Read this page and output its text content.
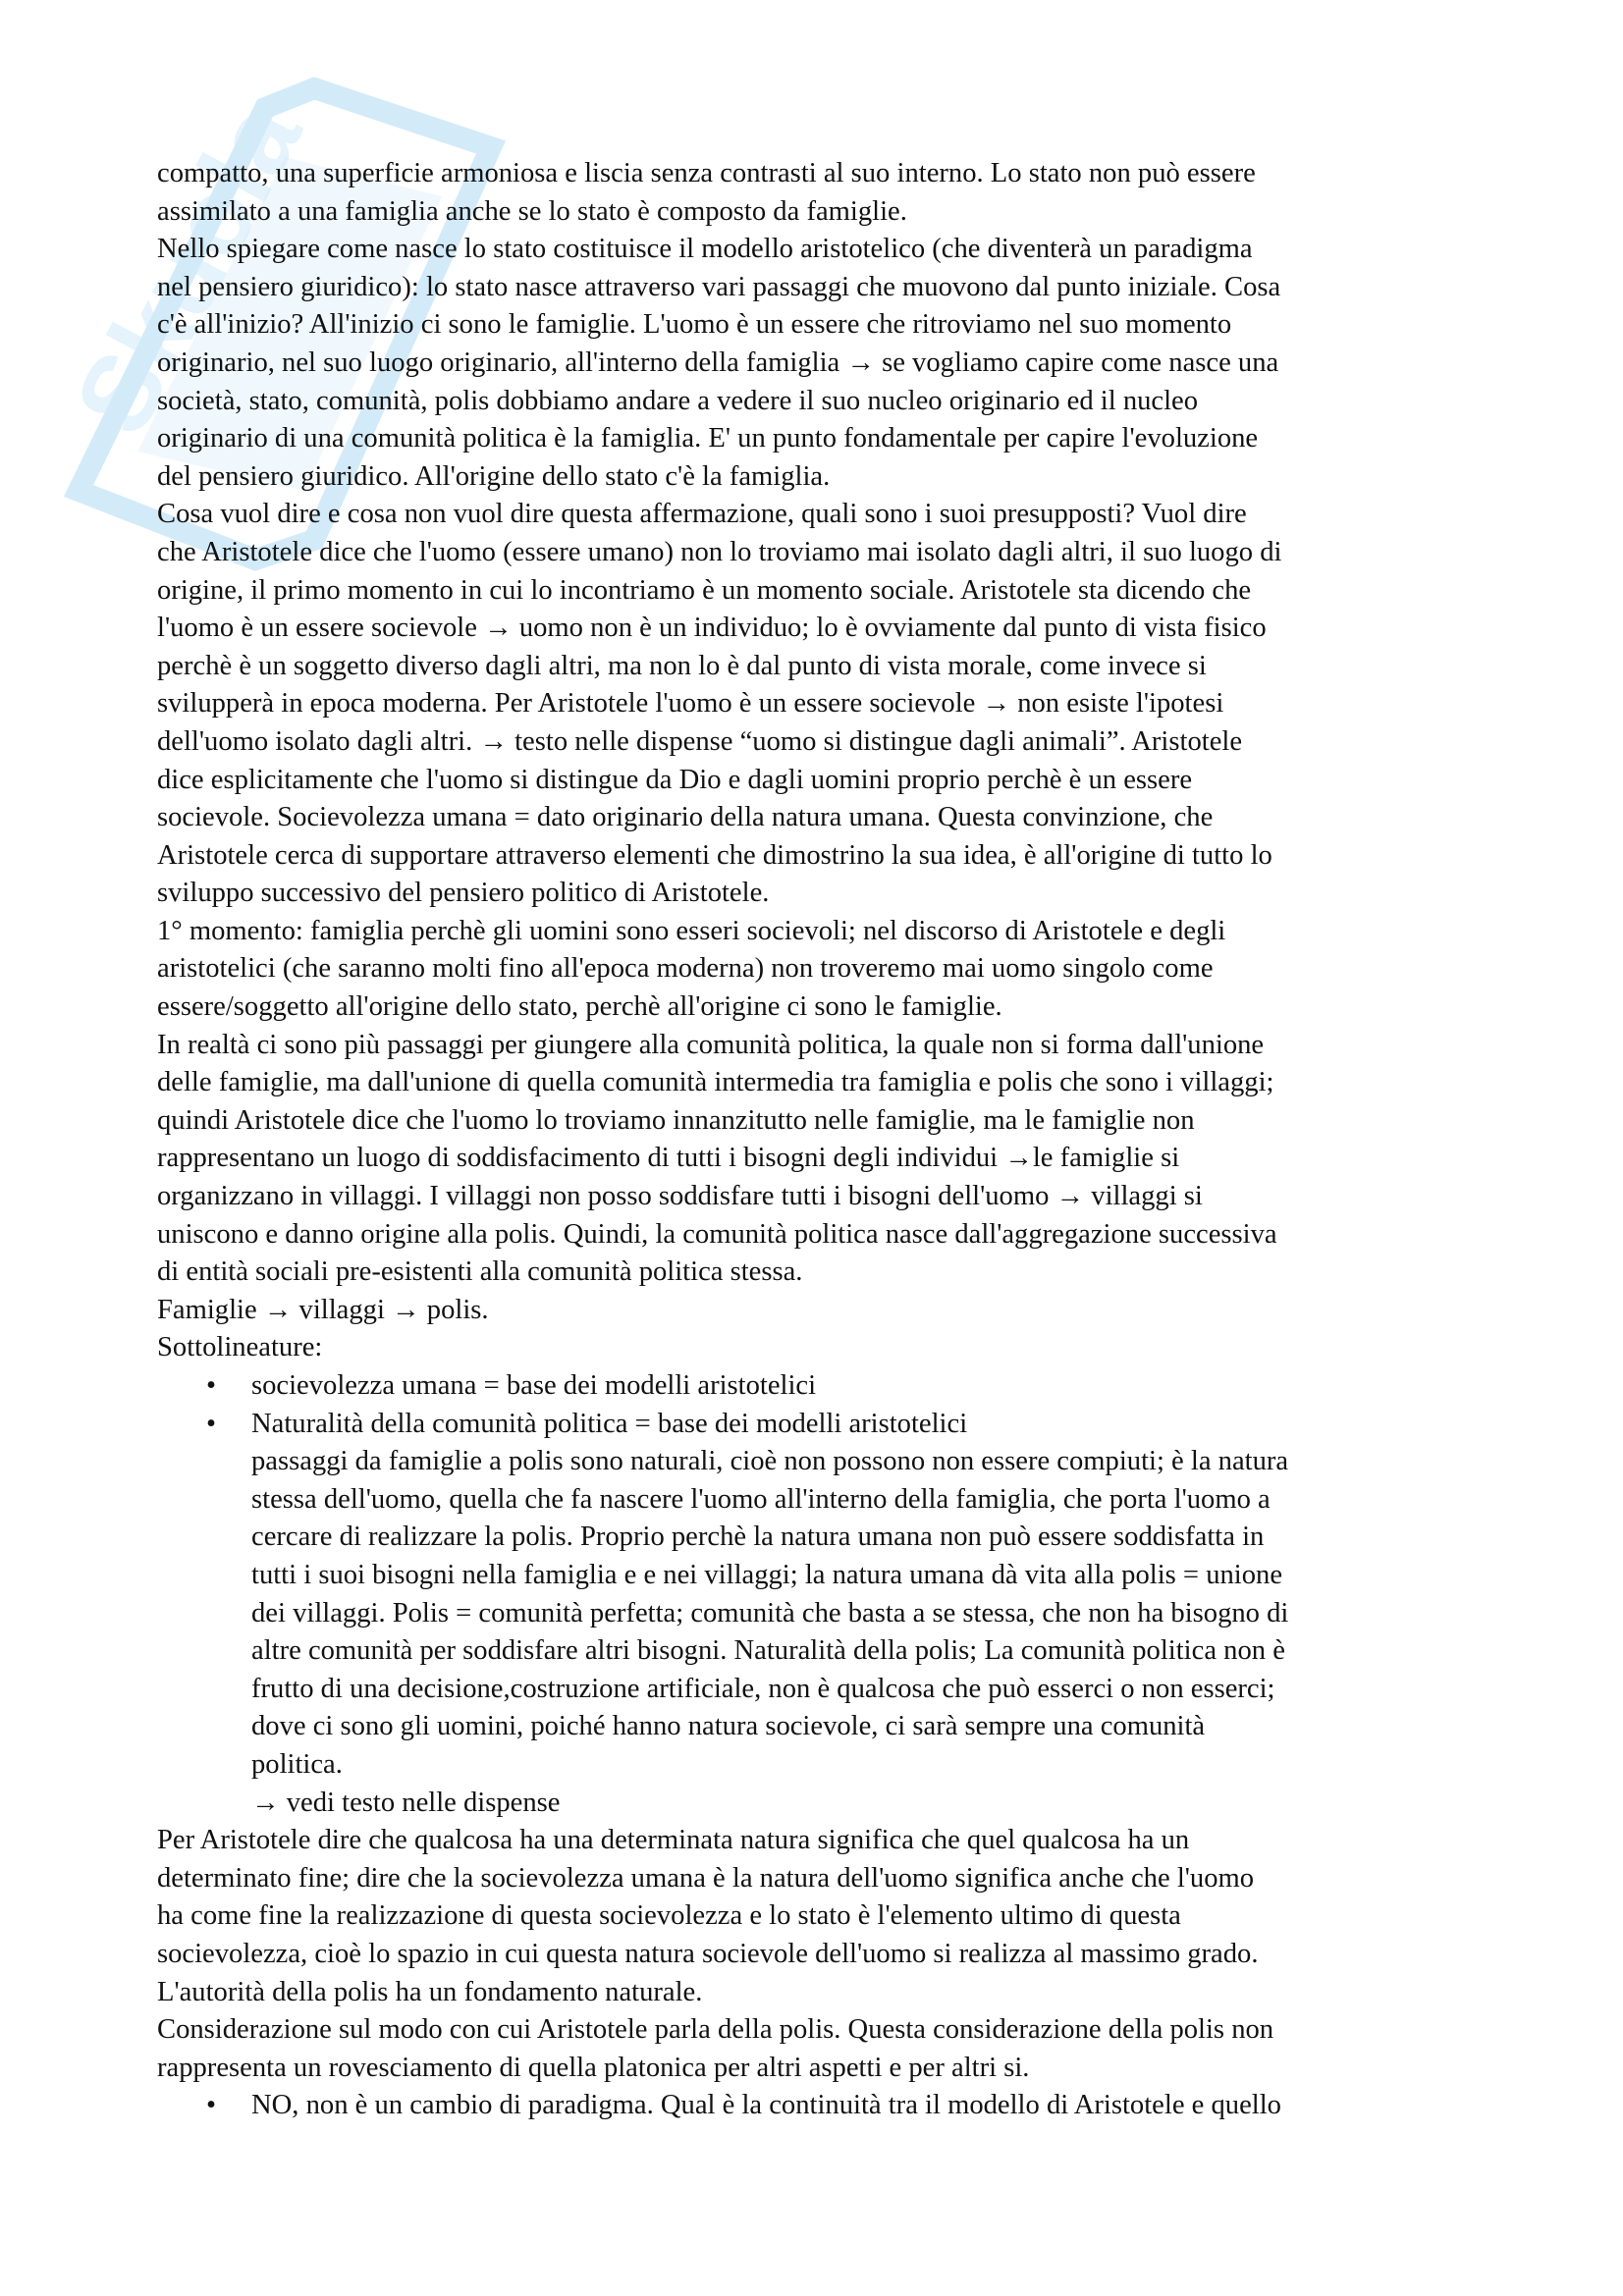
Skuola
compatto, una superficie armoniosa e liscia senza contrasti al suo interno. Lo stato non può essere
assimilato a una famiglia anche se lo stato è composto da famiglie.
Nello spiegare come nasce lo stato costituisce il modello aristotelico (che diventerà un paradigma
nel pensiero giuridico): lo stato nasce attraverso vari passaggi che muovono dal punto iniziale. Cosa
c'è all'inizio? All'inizio ci sono le famiglie. L'uomo è un essere che ritroviamo nel suo momento
originario, nel suo luogo originario, all'interno della famiglia → se vogliamo capire come nasce una
società, stato, comunità, polis dobbiamo andare a vedere il suo nucleo originario ed il nucleo
originario di una comunità politica è la famiglia. E' un punto fondamentale per capire l'evoluzione
del pensiero giuridico. All'origine dello stato c'è la famiglia.
Cosa vuol dire e cosa non vuol dire questa affermazione, quali sono i suoi presupposti? Vuol dire
che Aristotele dice che l'uomo (essere umano) non lo troviamo mai isolato dagli altri, il suo luogo di
origine, il primo momento in cui lo incontriamo è un momento sociale. Aristotele sta dicendo che
l'uomo è un essere socievole → uomo non è un individuo; lo è ovviamente dal punto di vista fisico
perchè è un soggetto diverso dagli altri, ma non lo è dal punto di vista morale, come invece si
svilupperà in epoca moderna. Per Aristotele l'uomo è un essere socievole → non esiste l'ipotesi
dell'uomo isolato dagli altri. → testo nelle dispense “uomo si distingue dagli animali”. Aristotele
dice esplicitamente che l'uomo si distingue da Dio e dagli uomini proprio perchè è un essere
socievole. Socievolezza umana = dato originario della natura umana. Questa convinzione, che
Aristotele cerca di supportare attraverso elementi che dimostrino la sua idea, è all'origine di tutto lo
sviluppo successivo del pensiero politico di Aristotele.
1° momento: famiglia perchè gli uomini sono esseri socievoli; nel discorso di Aristotele e degli
aristotelici (che saranno molti fino all'epoca moderna) non troveremo mai uomo singolo come
essere/soggetto all'origine dello stato, perchè all'origine ci sono le famiglie.
In realtà ci sono più passaggi per giungere alla comunità politica, la quale non si forma dall'unione
delle famiglie, ma dall'unione di quella comunità intermedia tra famiglia e polis che sono i villaggi;
quindi Aristotele dice che l'uomo lo troviamo innanzitutto nelle famiglie, ma le famiglie non
rappresentano un luogo di soddisfacimento di tutti i bisogni degli individui →le famiglie si
organizzano in villaggi. I villaggi non posso soddisfare tutti i bisogni dell'uomo → villaggi si
uniscono e danno origine alla polis. Quindi, la comunità politica nasce dall'aggregazione successiva
di entità sociali pre-esistenti alla comunità politica stessa.
Famiglie → villaggi → polis.
Sottolineature:
• socievolezza umana = base dei modelli aristotelici
• Naturalità della comunità politica = base dei modelli aristotelici
passaggi da famiglie a polis sono naturali, cioè non possono non essere compiuti; è la natura
stessa dell'uomo, quella che fa nascere l'uomo all'interno della famiglia, che porta l'uomo a
cercare di realizzare la polis. Proprio perchè la natura umana non può essere soddisfatta in
tutti i suoi bisogni nella famiglia e e nei villaggi; la natura umana dà vita alla polis = unione
dei villaggi. Polis = comunità perfetta; comunità che basta a se stessa, che non ha bisogno di
altre comunità per soddisfare altri bisogni. Naturalità della polis; La comunità politica non è
frutto di una decisione,costruzione artificiale, non è qualcosa che può esserci o non esserci;
dove ci sono gli uomini, poiché hanno natura socievole, ci sarà sempre una comunità
politica.
→ vedi testo nelle dispense
Per Aristotele dire che qualcosa ha una determinata natura significa che quel qualcosa ha un
determinato fine; dire che la socievolezza umana è la natura dell'uomo significa anche che l'uomo
ha come fine la realizzazione di questa socievolezza e lo stato è l'elemento ultimo di questa
socievolezza, cioè lo spazio in cui questa natura socievole dell'uomo si realizza al massimo grado.
L'autorità della polis ha un fondamento naturale.
Considerazione sul modo con cui Aristotele parla della polis. Questa considerazione della polis non
rappresenta un rovesciamento di quella platonica per altri aspetti e per altri si.
• NO, non è un cambio di paradigma. Qual è la continuità tra il modello di Aristotele e quello
